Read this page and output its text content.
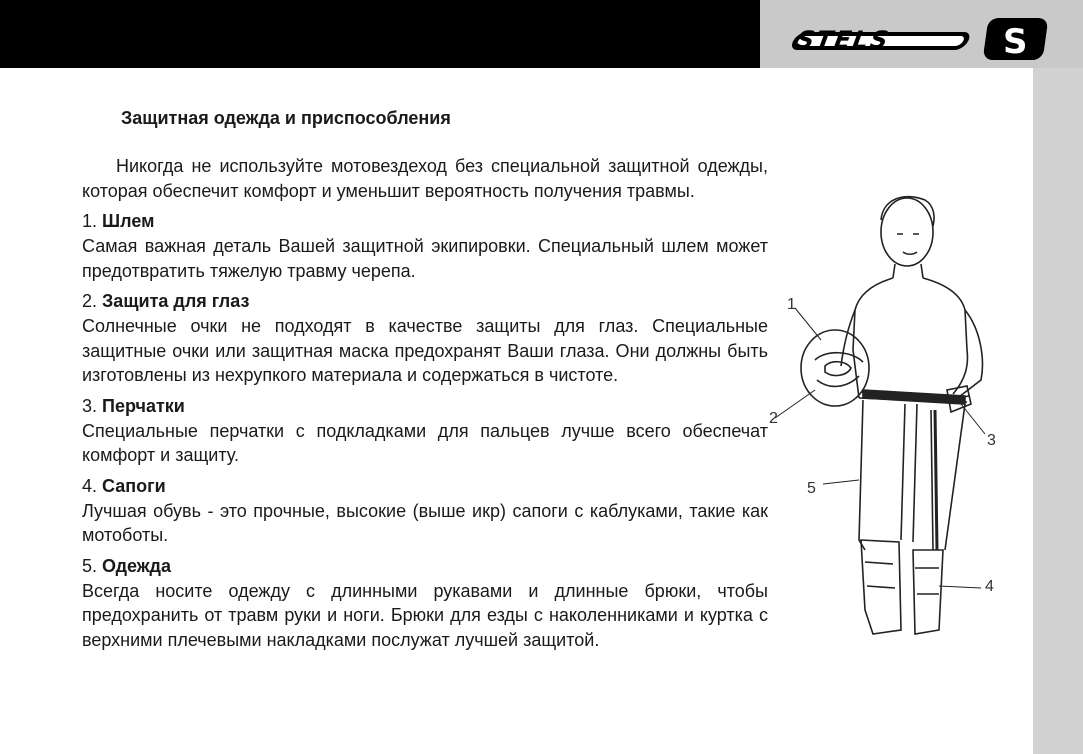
STELS	S
Защитная одежда и приспособления
Никогда не используйте мотовездеход без специальной защитной одежды, которая обеспечит комфорт и уменьшит вероятность получения травмы.
1. Шлем
Самая важная деталь Вашей защитной экипировки. Специальный шлем может предотвратить тяжелую травму черепа.
2. Защита для глаз
Солнечные очки не подходят в качестве защиты для глаз. Специальные защитные очки или защитная маска предохранят Ваши глаза. Они должны быть изготовлены из нехрупкого материала и содержаться в чистоте.
3. Перчатки
Специальные перчатки с подкладками для пальцев лучше всего обеспечат комфорт и защиту.
4. Сапоги
Лучшая обувь - это прочные, высокие (выше икр) сапоги с каблуками, такие как мотоботы.
5. Одежда
Всегда носите одежду с длинными рукавами и длинные брюки, чтобы предохранить от травм руки и ноги. Брюки для езды с наколенниками и куртка с верхними плечевыми накладками послужат лучшей защитой.
1
2
3
4
5
